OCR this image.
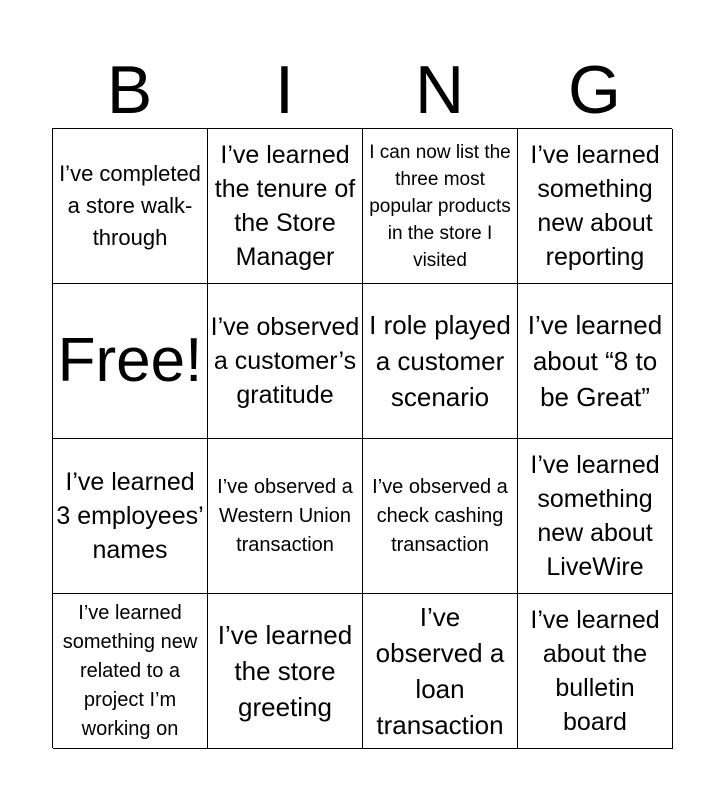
B	I	N	G
I’ve completed a store walk-through
I’ve learned the tenure of the Store Manager
I can now list the three most popular products in the store I visited
I’ve learned something new about reporting
Free! I’ve observed a customer’s gratitude
I role played a customer scenario
I’ve learned about “8 to be Great”
I’ve learned 3 employees’ names
I’ve observed a Western Union transaction
I’ve observed a check cashing transaction
I’ve learned something new about LiveWire
I’ve learned something new related to a project I’m working on
I’ve learned the store greeting
I’ve observed a loan transaction
I’ve learned about the bulletin board
